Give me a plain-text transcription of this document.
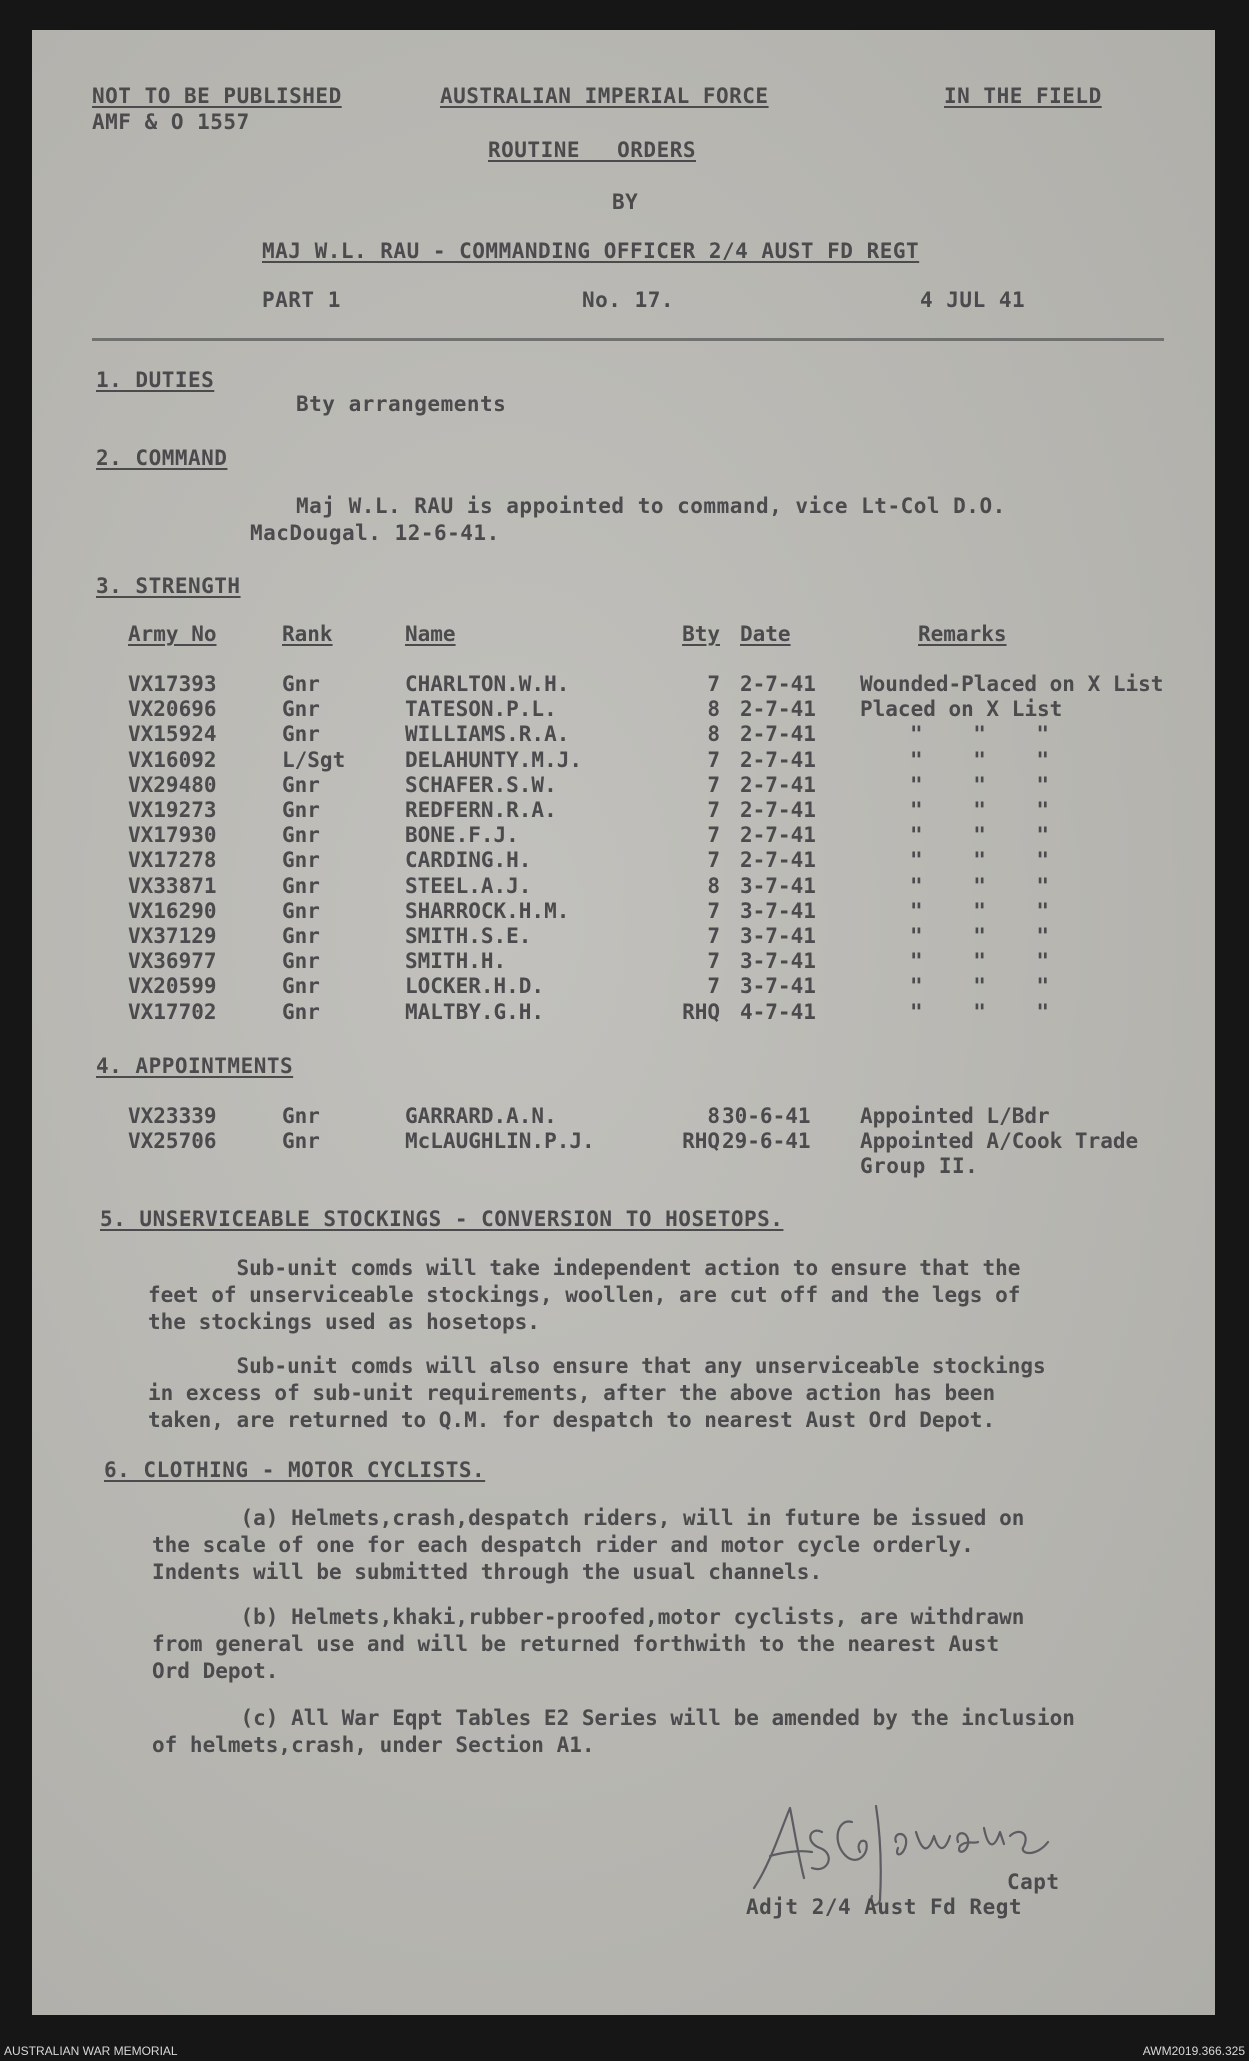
NOT TO BE PUBLISHED	AUSTRALIAN IMPERIAL FORCE	IN THE FIELD
AMF & O 1557
ROUTINE ORDERS
BY
MAJ W.L. RAU - COMMANDING OFFICER 2/4 AUST FD REGT
PART 1	No. 17.	4 JUL 41
1. DUTIES
Bty arrangements
2. COMMAND
Maj W.L. RAU is appointed to command, vice Lt-Col D.O.
MacDougal. 12-6-41.
3. STRENGTH
Army No	Rank	Name	Bty Date	Remarks
VX17393	Gnr	CHARLTON.W.H.	7 2-7-41 Wounded-Placed on X List
VX20696	Gnr	TATESON.P.L.	8 2-7-41 Placed on X List
VX15924	Gnr	WILLIAMS.R.A.	8 2-7-41	"    "    "
VX16092	L/Sgt	DELAHUNTY.M.J.	7 2-7-41	"    "    "
VX29480	Gnr	SCHAFER.S.W.	7 2-7-41	"    "    "
VX19273	Gnr	REDFERN.R.A.	7 2-7-41	"    "    "
VX17930	Gnr	BONE.F.J.	7 2-7-41	"    "    "
VX17278	Gnr	CARDING.H.	7 2-7-41	"    "    "
VX33871	Gnr	STEEL.A.J.	8 3-7-41	"    "    "
VX16290	Gnr	SHARROCK.H.M.	7 3-7-41	"    "    "
VX37129	Gnr	SMITH.S.E.	7 3-7-41	"    "    "
VX36977	Gnr	SMITH.H.	7 3-7-41	"    "    "
VX20599	Gnr	LOCKER.H.D.	7 3-7-41	"    "    "
VX17702	Gnr	MALTBY.G.H.	RHQ 4-7-41	"    "    "
4. APPOINTMENTS
VX23339	Gnr	GARRARD.A.N.	8 30-6-41 Appointed L/Bdr
VX25706	Gnr	McLAUGHLIN.P.J.	RHQ 29-6-41 Appointed A/Cook Trade
Group II.
5. UNSERVICEABLE STOCKINGS - CONVERSION TO HOSETOPS.
Sub-unit comds will take independent action to ensure that the
feet of unserviceable stockings, woollen, are cut off and the legs of
the stockings used as hosetops.
Sub-unit comds will also ensure that any unserviceable stockings
in excess of sub-unit requirements, after the above action has been
taken, are returned to Q.M. for despatch to nearest Aust Ord Depot.
6. CLOTHING - MOTOR CYCLISTS.
(a) Helmets,crash,despatch riders, will in future be issued on
the scale of one for each despatch rider and motor cycle orderly.
Indents will be submitted through the usual channels.
(b) Helmets,khaki,rubber-proofed,motor cyclists, are withdrawn
from general use and will be returned forthwith to the nearest Aust
Ord Depot.
(c) All War Eqpt Tables E2 Series will be amended by the inclusion
of helmets,crash, under Section A1.
Capt
Adjt 2/4 Aust Fd Regt
AUSTRALIAN WAR MEMORIAL	AWM2019.366.325
